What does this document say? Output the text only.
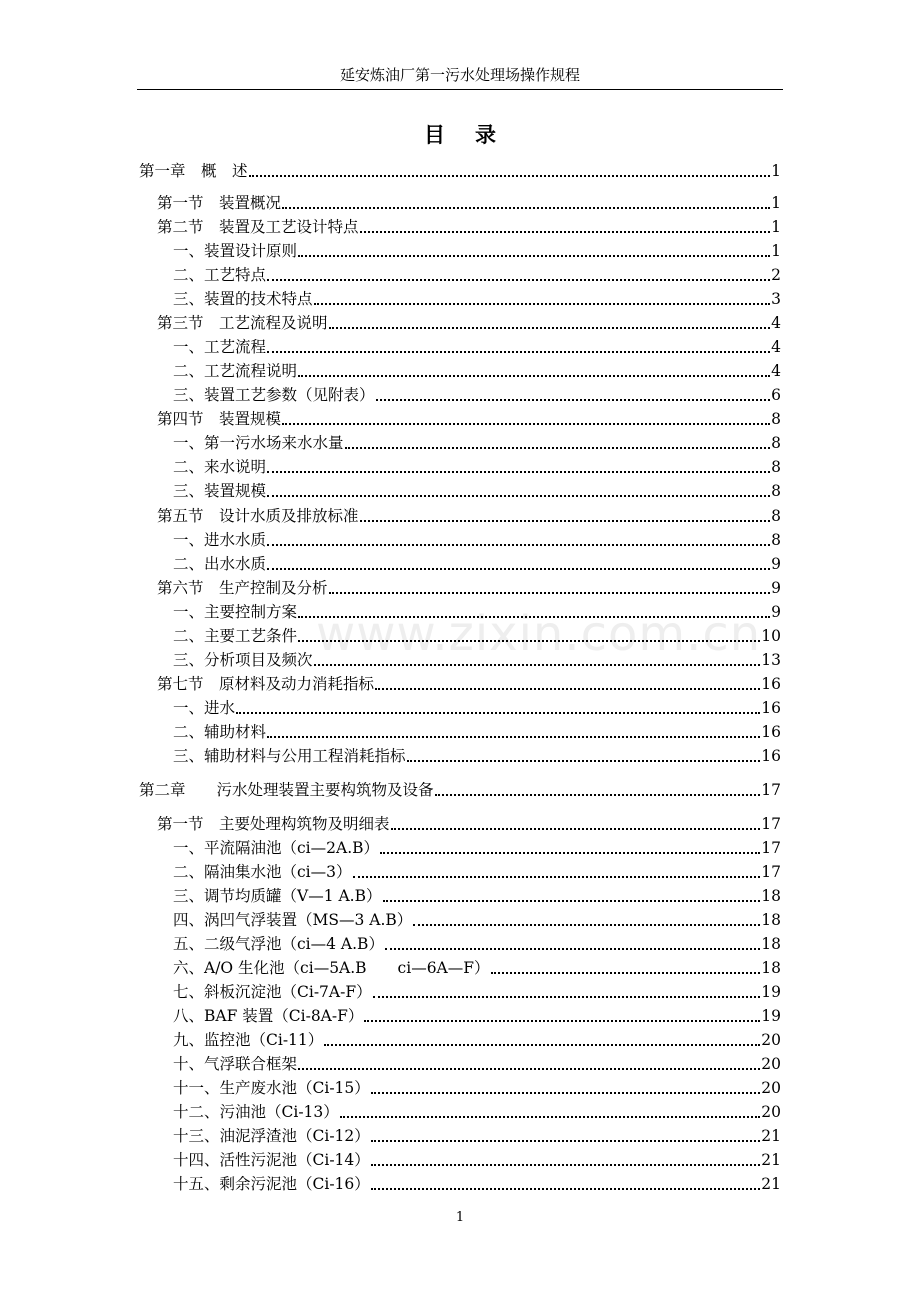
延安炼油厂第一污水处理场操作规程
目录
www.zixin.com.cn
第一章　概　述	1
第一节　装置概况	1
第二节　装置及工艺设计特点	1
一、装置设计原则	1
二、工艺特点	2
三、装置的技术特点	3
第三节　工艺流程及说明	4
一、工艺流程	4
二、工艺流程说明	4
三、装置工艺参数（见附表）	6
第四节　装置规模	8
一、第一污水场来水水量	8
二、来水说明	8
三、装置规模	8
第五节　设计水质及排放标准	8
一、进水水质	8
二、出水水质	9
第六节　生产控制及分析	9
一、主要控制方案	9
二、主要工艺条件	10
三、分析项目及频次	13
第七节　原材料及动力消耗指标	16
一、进水	16
二、辅助材料	16
三、辅助材料与公用工程消耗指标	16
第二章　　污水处理装置主要构筑物及设备	17
第一节　主要处理构筑物及明细表	17
一、平流隔油池（ci—2A.B）	17
二、隔油集水池（ci—3）	17
三、调节均质罐（V—1 A.B）	18
四、涡凹气浮装置（MS—3 A.B）	18
五、二级气浮池（ci—4 A.B）	18
六、A/O 生化池（ci—5A.B　　ci—6A—F）	18
七、斜板沉淀池（Ci-7A-F）	19
八、BAF 装置（Ci-8A-F）	19
九、监控池（Ci-11）	20
十、气浮联合框架	20
十一、生产废水池（Ci-15）	20
十二、污油池（Ci-13）	20
十三、油泥浮渣池（Ci-12）	21
十四、活性污泥池（Ci-14）	21
十五、剩余污泥池（Ci-16）	21
1
